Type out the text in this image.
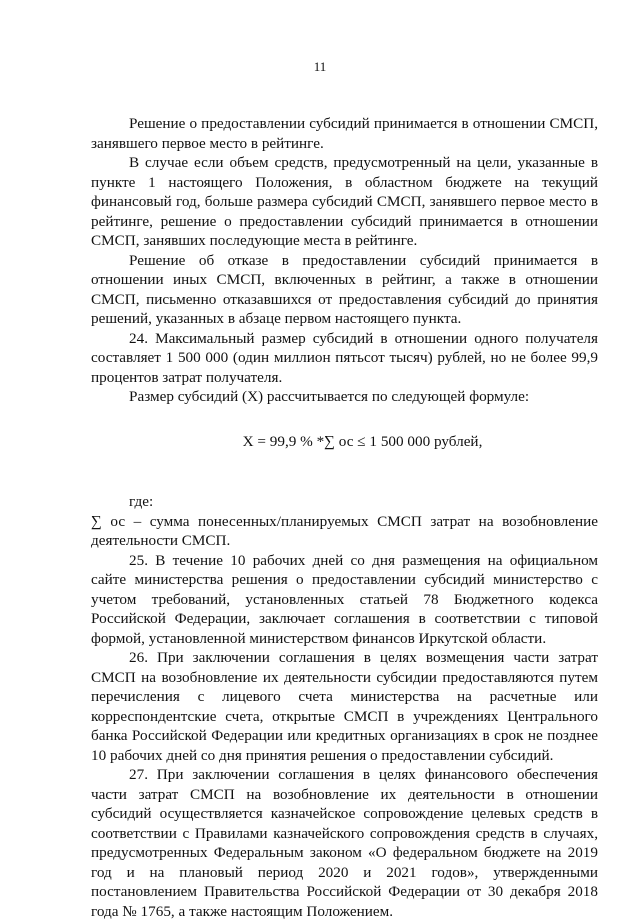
11

Решение о предоставлении субсидий принимается в отношении СМСП, занявшего первое место в рейтинге.

В случае если объем средств, предусмотренный на цели, указанные в пункте 1 настоящего Положения, в областном бюджете на текущий финансовый год, больше размера субсидий СМСП, занявшего первое место в рейтинге, решение о предоставлении субсидий принимается в отношении СМСП, занявших последующие места в рейтинге.

Решение об отказе в предоставлении субсидий принимается в отношении иных СМСП, включенных в рейтинг, а также в отношении СМСП, письменно отказавшихся от предоставления субсидий до принятия решений, указанных в абзаце первом настоящего пункта.

24. Максимальный размер субсидий в отношении одного получателя составляет 1 500 000 (один миллион пятьсот тысяч) рублей, но не более 99,9 процентов затрат получателя.

Размер субсидий (Х) рассчитывается по следующей формуле:

X = 99,9 % *∑ ос ≤ 1 500 000 рублей,

где:

∑ ос – сумма понесенных/планируемых СМСП затрат на возобновление деятельности СМСП.

25. В течение 10 рабочих дней со дня размещения на официальном сайте министерства решения о предоставлении субсидий министерство с учетом требований, установленных статьей 78 Бюджетного кодекса Российской Федерации, заключает соглашения в соответствии с типовой формой, установленной министерством финансов Иркутской области.

26. При заключении соглашения в целях возмещения части затрат СМСП на возобновление их деятельности субсидии предоставляются путем перечисления с лицевого счета министерства на расчетные или корреспондентские счета, открытые СМСП в учреждениях Центрального банка Российской Федерации или кредитных организациях в срок не позднее 10 рабочих дней со дня принятия решения о предоставлении субсидий.

27. При заключении соглашения в целях финансового обеспечения части затрат СМСП на возобновление их деятельности в отношении субсидий осуществляется казначейское сопровождение целевых средств в соответствии с Правилами казначейского сопровождения средств в случаях, предусмотренных Федеральным законом «О федеральном бюджете на 2019 год и на плановый период 2020 и 2021 годов», утвержденными постановлением Правительства Российской Федерации от 30 декабря 2018 года № 1765, а также настоящим Положением.
